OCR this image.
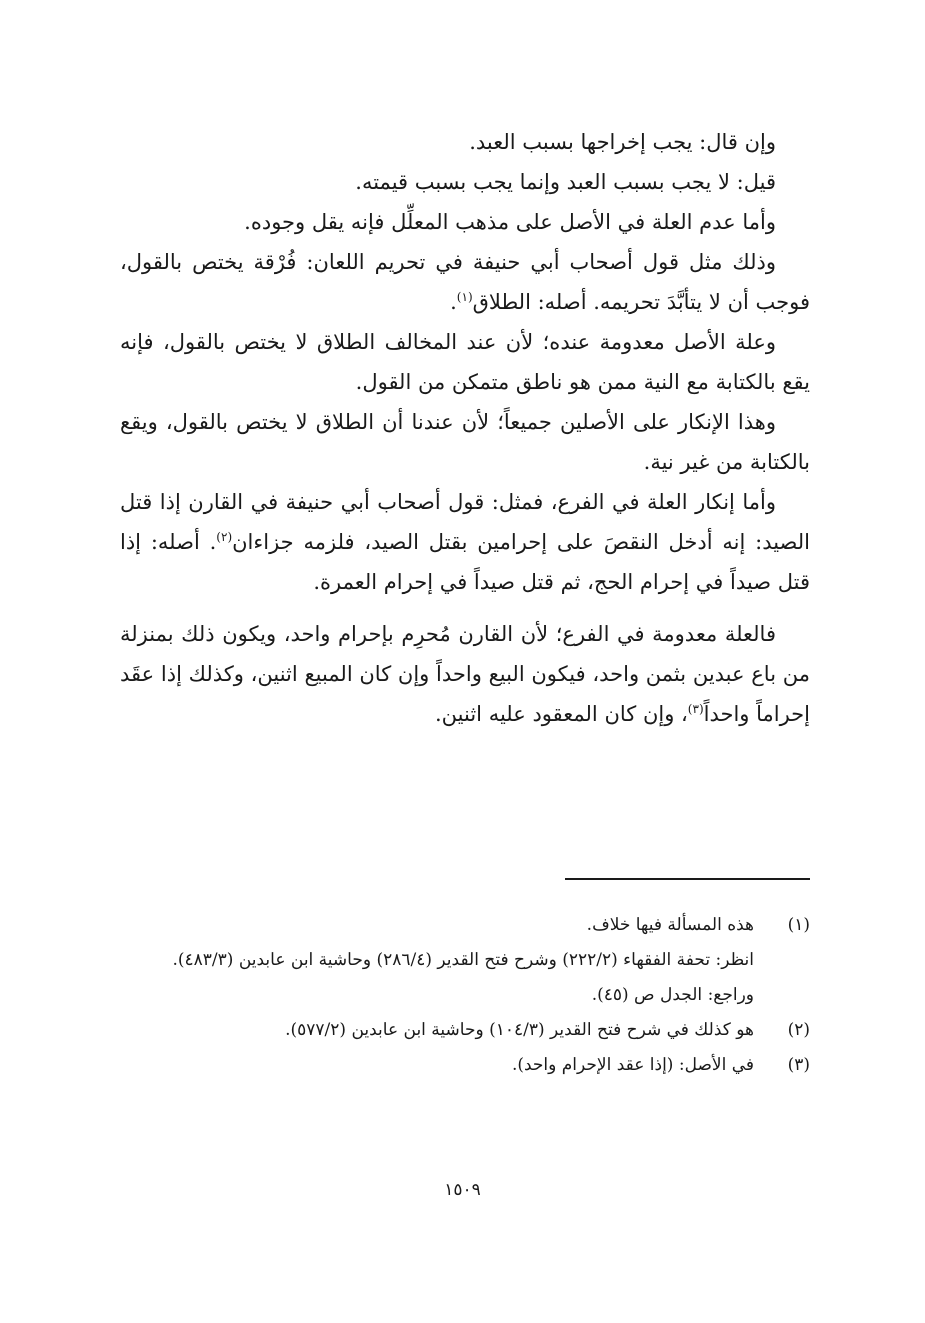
وإن قال: يجب إخراجها بسبب العبد.

قيل: لا يجب بسبب العبد وإنما يجب بسبب قيمته.

وأما عدم العلة في الأصل على مذهب المعلِّل فإنه يقل وجوده.

وذلك مثل قول أصحاب أبي حنيفة في تحريم اللعان: فُرْقة يختص بالقول، فوجب أن لا يتأبَّدَ تحريمه. أصله: الطلاق$^{(١)}$.

وعلة الأصل معدومة عنده؛ لأن عند المخالف الطلاق لا يختص بالقول، فإنه يقع بالكتابة مع النية ممن هو ناطق متمكن من القول.

وهذا الإنكار على الأصلين جميعاً؛ لأن عندنا أن الطلاق لا يختص بالقول، ويقع بالكتابة من غير نية.

وأما إنكار العلة في الفرع، فمثل: قول أصحاب أبي حنيفة في القارن إذا قتل الصيد: إنه أدخل النقصَ على إحرامين بقتل الصيد، فلزمه جزاءان$^{(٢)}$. أصله: إذا قتل صيداً في إحرام الحج، ثم قتل صيداً في إحرام العمرة.

فالعلة معدومة في الفرع؛ لأن القارن مُحرِم بإحرام واحد، ويكون ذلك بمنزلة من باع عبدين بثمن واحد، فيكون البيع واحداً وإن كان المبيع اثنين، وكذلك إذا عقَد إحراماً واحداً$^{(٣)}$، وإن كان المعقود عليه اثنين.

(١)
هذه المسألة فيها خلاف.
انظر: تحفة الفقهاء (٢٢٢/٢) وشرح فتح القدير (٢٨٦/٤) وحاشية ابن عابدين (٤٨٣/٣).
وراجع: الجدل ص (٤٥).
(٢)
هو كذلك في شرح فتح القدير (١٠٤/٣) وحاشية ابن عابدين (٥٧٧/٢).
(٣)
في الأصل: (إذا عقد الإحرام واحد).
١٥٠٩
